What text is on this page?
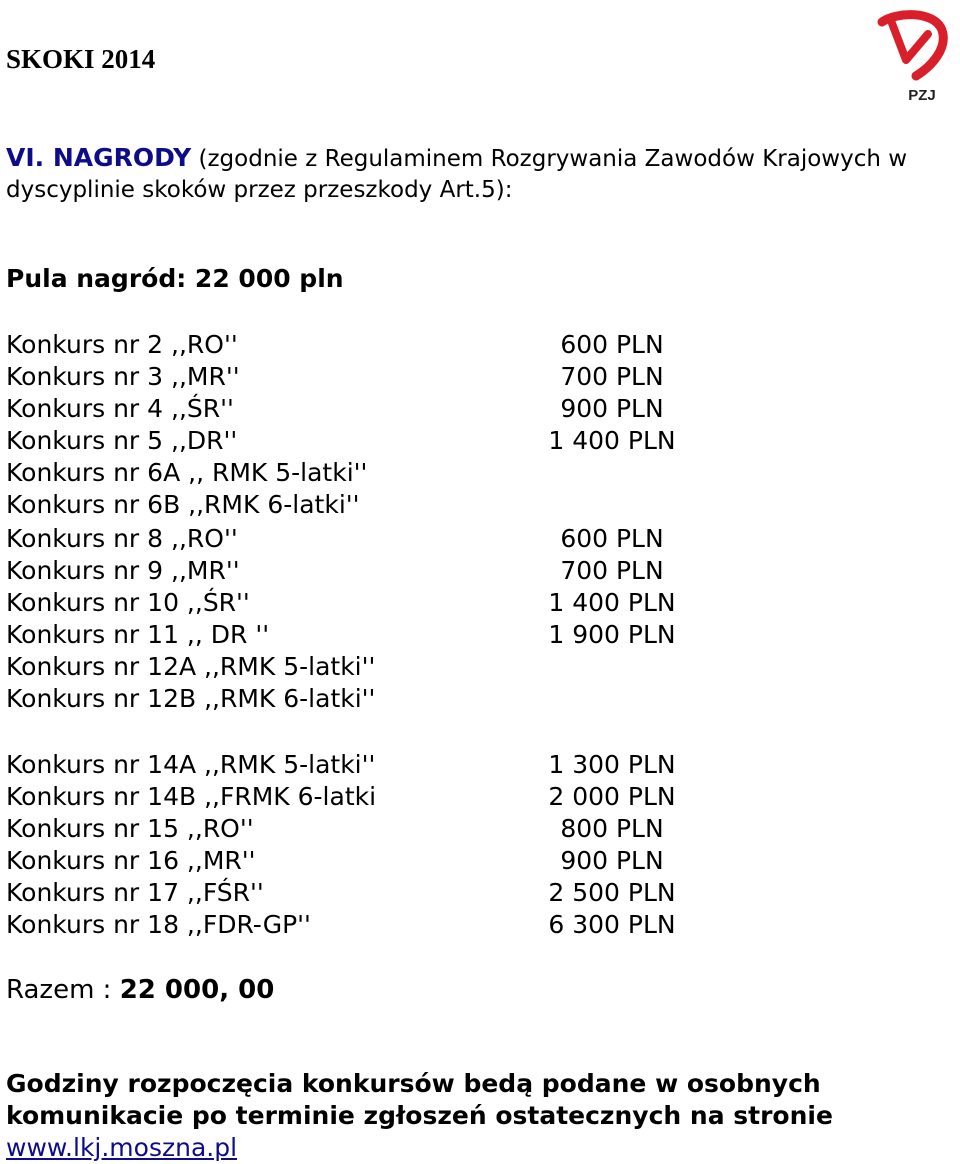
SKOKI 2014
PZJ
VI. NAGRODY (zgodnie z Regulaminem Rozgrywania Zawodów Krajowych w dyscyplinie skoków przez przeszkody Art.5):
Pula nagród: 22 000 pln
Konkurs nr 2 ,,RO''	600 PLN
Konkurs nr 3 ,,MR''	700 PLN
Konkurs nr 4 ,,ŚR''	900 PLN
Konkurs nr 5 ,,DR''	1 400 PLN
Konkurs nr 6A ,, RMK 5-latki''
Konkurs nr 6B ,,RMK 6-latki''
Konkurs nr 8 ,,RO''	600 PLN
Konkurs nr 9 ,,MR''	700 PLN
Konkurs nr 10 ,,ŚR''	1 400 PLN
Konkurs nr 11 ,, DR ''	1 900 PLN
Konkurs nr 12A ,,RMK 5-latki''
Konkurs nr 12B ,,RMK 6-latki''
Konkurs nr 14A ,,RMK 5-latki''	1 300 PLN
Konkurs nr 14B ,,FRMK 6-latki	2 000 PLN
Konkurs nr 15 ,,RO''	800 PLN
Konkurs nr 16 ,,MR''	900 PLN
Konkurs nr 17 ,,FŚR''	2 500 PLN
Konkurs nr 18 ,,FDR-GP''	6 300 PLN
Razem : 22 000, 00
Godziny rozpoczęcia konkursów bedą podane w osobnych komunikacie po terminie zgłoszeń ostatecznych na stronie
www.lkj.moszna.pl
